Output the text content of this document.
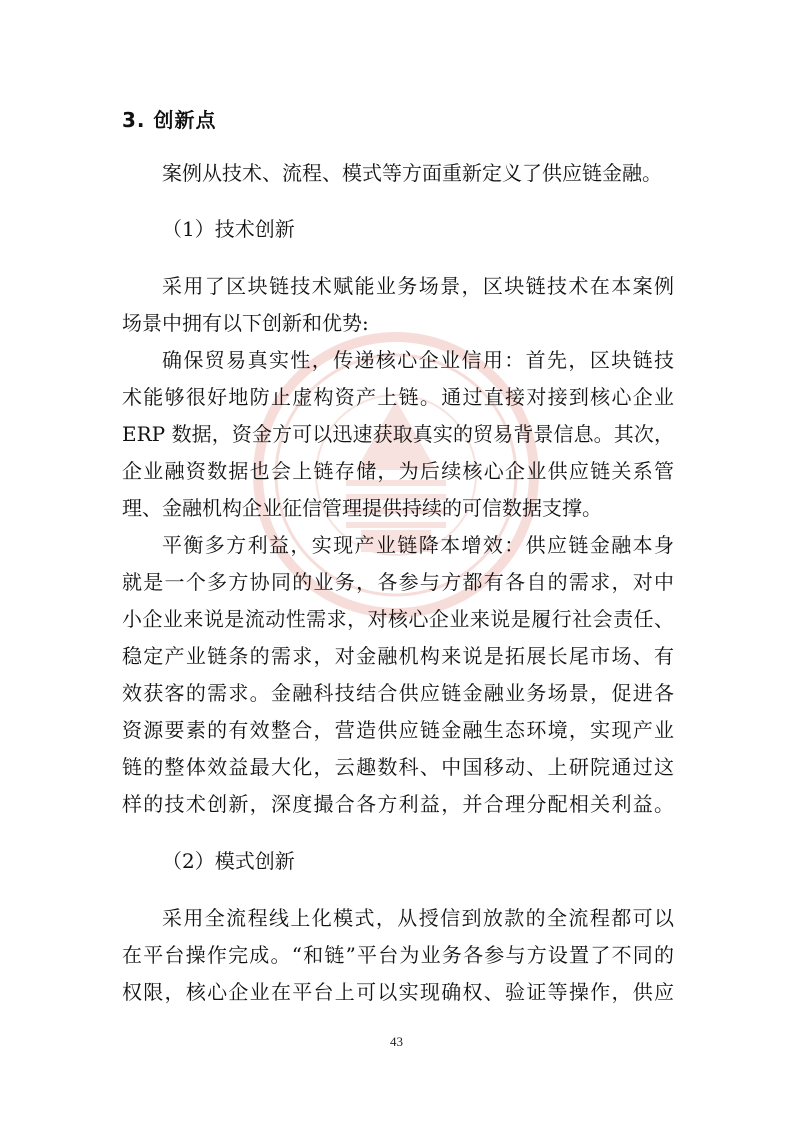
3. 创新点
案例从技术、流程、模式等方面重新定义了供应链金融。
（1）技术创新
采用了区块链技术赋能业务场景，区块链技术在本案例
场景中拥有以下创新和优势:
确保贸易真实性，传递核心企业信用：首先，区块链技
术能够很好地防止虚构资产上链。通过直接对接到核心企业
ERP 数据，资金方可以迅速获取真实的贸易背景信息。其次，
企业融资数据也会上链存储，为后续核心企业供应链关系管
理、金融机构企业征信管理提供持续的可信数据支撑。
平衡多方利益，实现产业链降本增效：供应链金融本身
就是一个多方协同的业务，各参与方都有各自的需求，对中
小企业来说是流动性需求，对核心企业来说是履行社会责任、
稳定产业链条的需求，对金融机构来说是拓展长尾市场、有
效获客的需求。金融科技结合供应链金融业务场景，促进各
资源要素的有效整合，营造供应链金融生态环境，实现产业
链的整体效益最大化，云趣数科、中国移动、上研院通过这
样的技术创新，深度撮合各方利益，并合理分配相关利益。
（2）模式创新
采用全流程线上化模式，从授信到放款的全流程都可以
在平台操作完成。“和链”平台为业务各参与方设置了不同的
权限，核心企业在平台上可以实现确权、验证等操作，供应
43
